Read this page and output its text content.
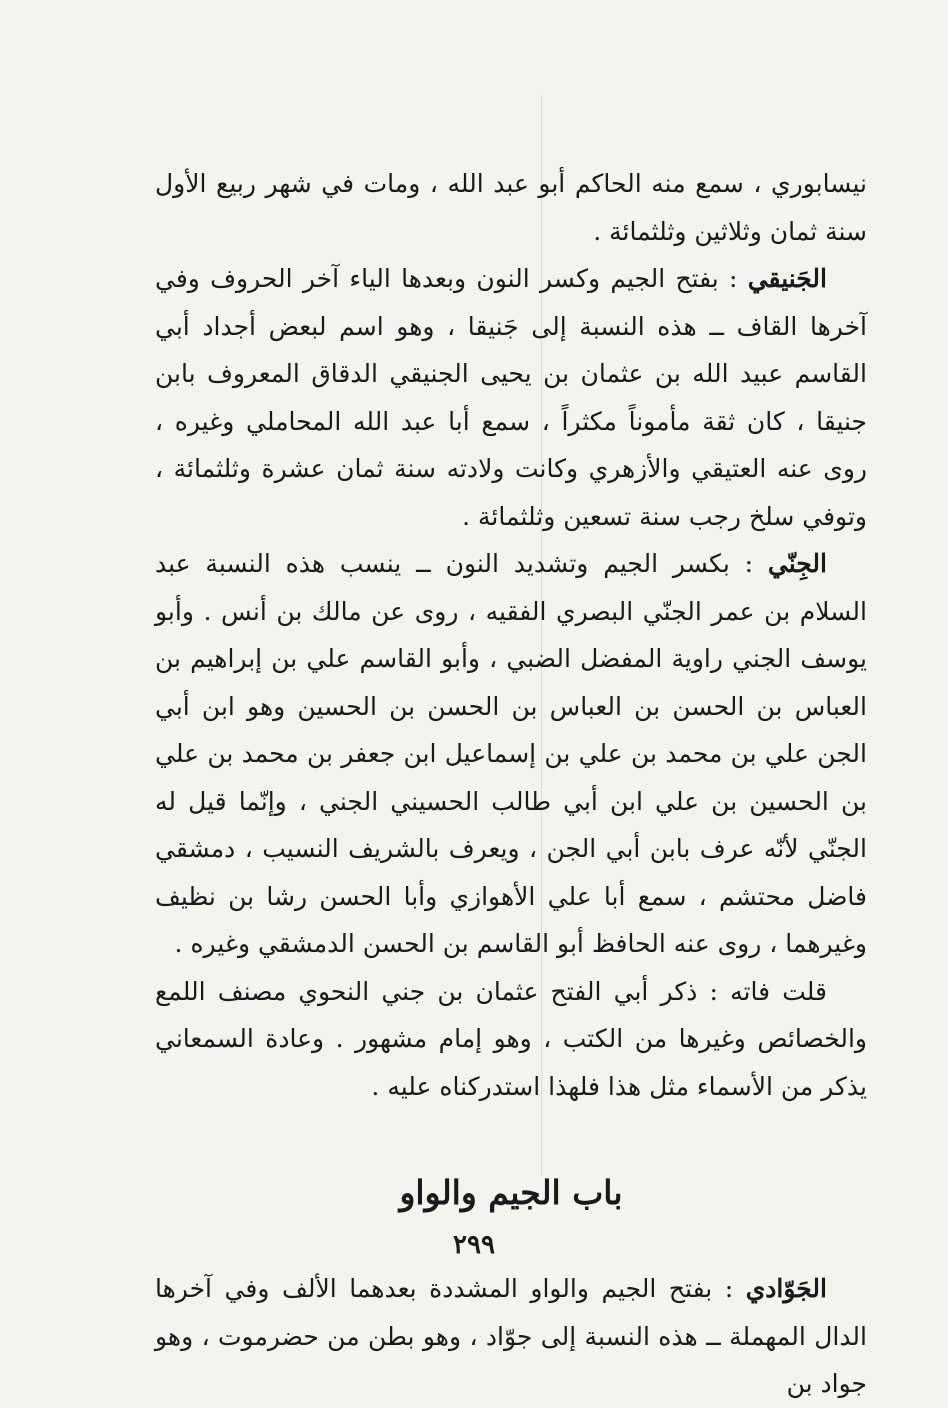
نيسابوري ، سمع منه الحاكم أبو عبد الله ، ومات في شهر ربيع الأول سنة ثمان وثلاثين وثلثمائة .

الجَنيقي : بفتح الجيم وكسر النون وبعدها الياء آخر الحروف وفي آخرها القاف ــ هذه النسبة إلى جَنيقا ، وهو اسم لبعض أجداد أبي القاسم عبيد الله بن عثمان بن يحيى الجنيقي الدقاق المعروف بابن جنيقا ، كان ثقة مأموناً مكثراً ، سمع أبا عبد الله المحاملي وغيره ، روى عنه العتيقي والأزهري وكانت ولادته سنة ثمان عشرة وثلثمائة ، وتوفي سلخ رجب سنة تسعين وثلثمائة .

الجِنّي : بكسر الجيم وتشديد النون ــ ينسب هذه النسبة عبد السلام بن عمر الجنّي البصري الفقيه ، روى عن مالك بن أنس . وأبو يوسف الجني راوية المفضل الضبي ، وأبو القاسم علي بن إبراهيم بن العباس بن الحسن بن العباس بن الحسن بن الحسين وهو ابن أبي الجن علي بن محمد بن علي بن إسماعيل ابن جعفر بن محمد بن علي بن الحسين بن علي ابن أبي طالب الحسيني الجني ، وإنّما قيل له الجنّي لأنّه عرف بابن أبي الجن ، ويعرف بالشريف النسيب ، دمشقي فاضل محتشم ، سمع أبا علي الأهوازي وأبا الحسن رشا بن نظيف وغيرهما ، روى عنه الحافظ أبو القاسم بن الحسن الدمشقي وغيره .

قلت فاته : ذكر أبي الفتح عثمان بن جني النحوي مصنف اللمع والخصائص وغيرها من الكتب ، وهو إمام مشهور . وعادة السمعاني يذكر من الأسماء مثل هذا فلهذا استدركناه عليه .

باب الجيم والواو

الجَوّادي : بفتح الجيم والواو المشددة بعدهما الألف وفي آخرها الدال المهملة ــ هذه النسبة إلى جوّاد ، وهو بطن من حضرموت ، وهو جواد بن

٢٩٩
